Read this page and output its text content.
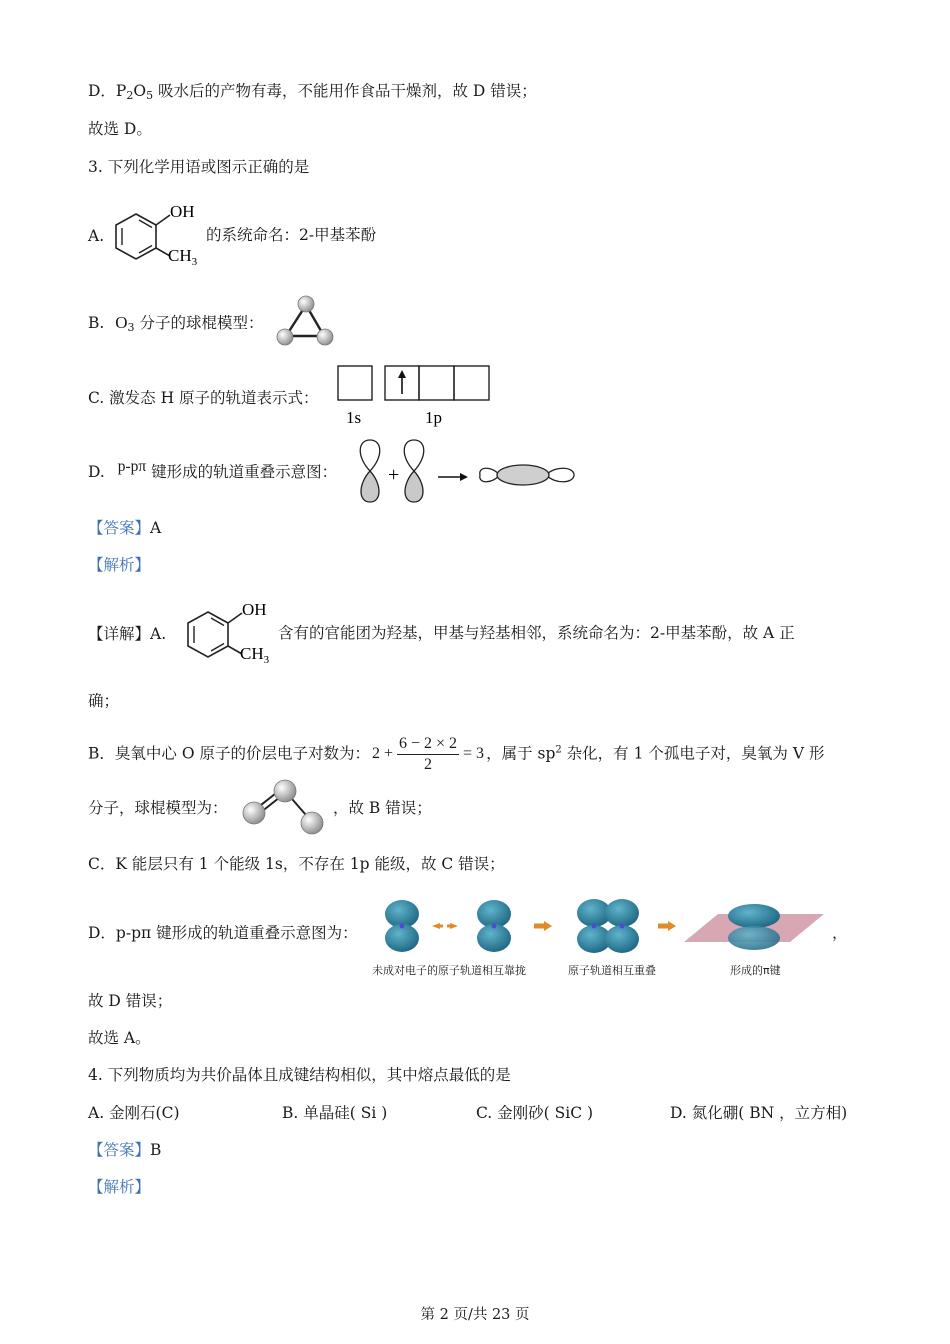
D．$P_2O_5$ 吸水后的产物有毒，不能用作食品干燥剂，故 D 错误；
故选 D。
3. 下列化学用语或图示正确的是
A.
OH
$CH_3$
的系统命名：2-甲基苯酚
B. $O_3$ 分子的球棍模型：
C. 激发态 H 原子的轨道表示式：
1s	1p
D. p-pπ 键形成的轨道重叠示意图：	+
【答案】A
【解析】
【详解】A.
OH
$CH_3$
含有的官能团为羟基，甲基与羟基相邻，系统命名为：2-甲基苯酚，故 A 正
确；
B．臭氧中心 O 原子的价层电子对数为： $2 + \frac{6 - 2 \times 2}{2} = 3$ ，属于 $sp^2$ 杂化，有 1 个孤电子对，臭氧为 V 形
分子，球棍模型为：	，故 B 错误；
C．K 能层只有 1 个能级 1s，不存在 1p 能级，故 C 错误；
D．p-pπ 键形成的轨道重叠示意图为：
未成对电子的原子轨道相互靠拢	原子轨道相互重叠	形成的π键
，
故 D 错误；
故选 A。
4. 下列物质均为共价晶体且成键结构相似，其中熔点最低的是
A. 金刚石(C)	B. 单晶硅( Si )	C. 金刚砂( SiC )	D. 氮化硼( BN ，立方相)
【答案】B
【解析】
第 2 页/共 23 页
